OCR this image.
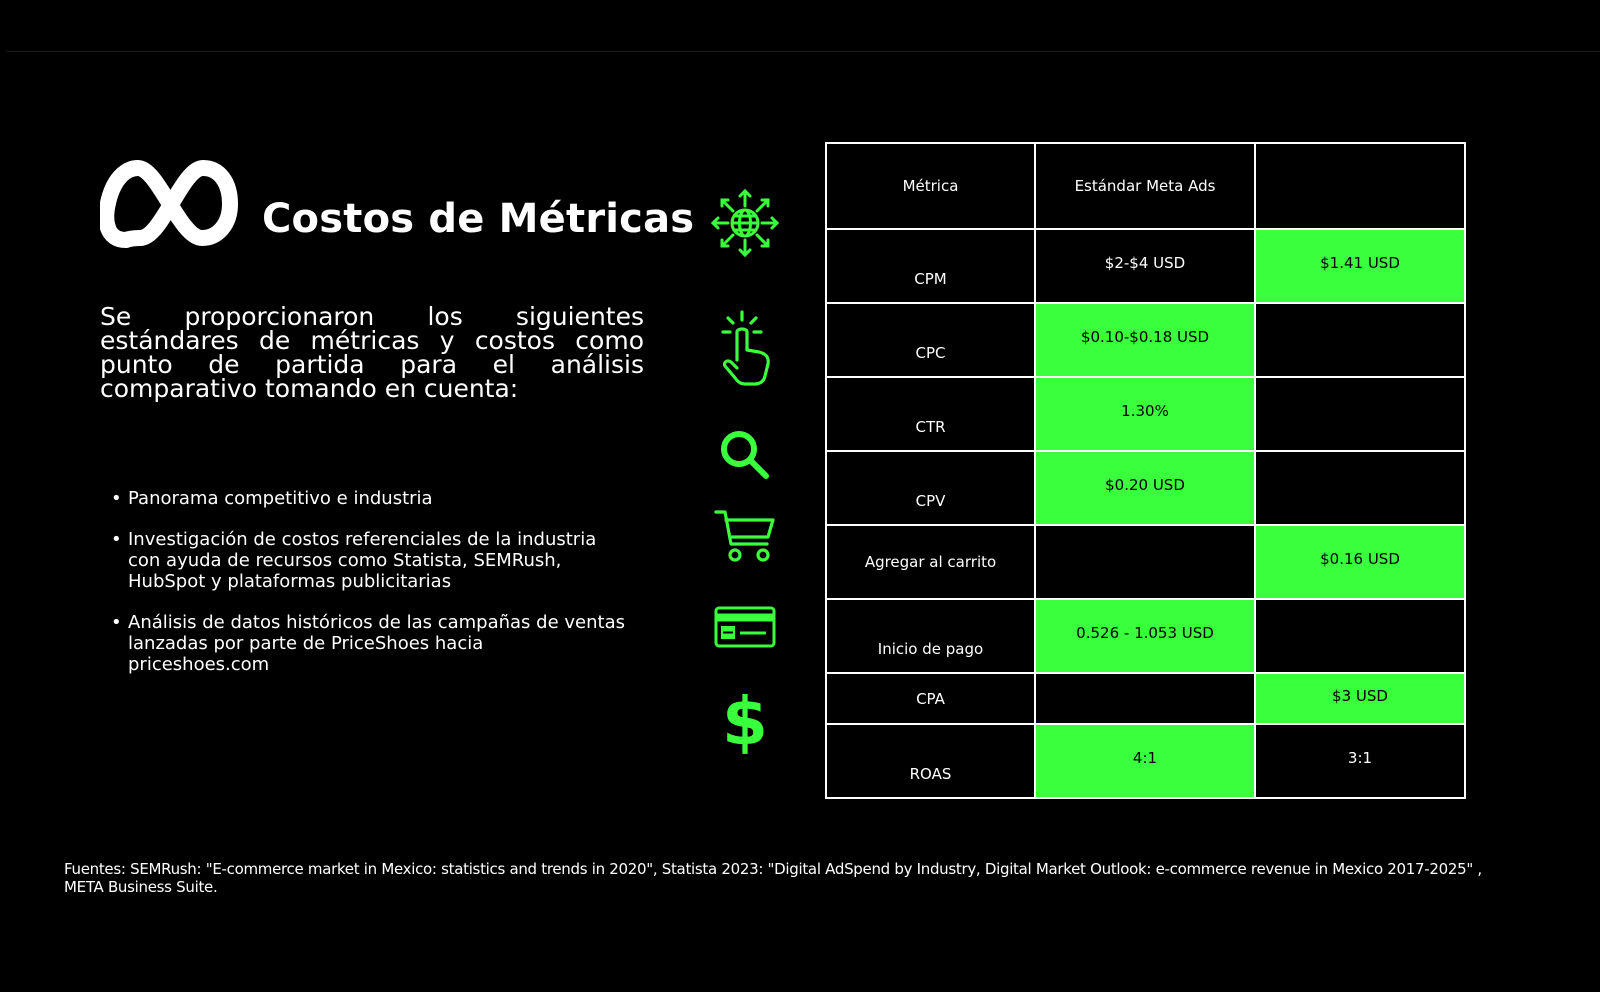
Costos de Métricas
Se proporcionaron los siguientes estándares de métricas y costos como punto de partida para el análisis comparativo tomando en cuenta:
• Panorama competitivo e industria
• Investigación de costos referenciales de la industria con ayuda de recursos como Statista, SEMRush, HubSpot y plataformas publicitarias
• Análisis de datos históricos de las campañas de ventas lanzadas por parte de PriceShoes hacia priceshoes.com
$
Métrica	Estándar Meta Ads	
CPM	$2-$4 USD	$1.41 USD
CPC	$0.10-$0.18 USD	
CTR	1.30%	
CPV	$0.20 USD	
Agregar al carrito		$0.16 USD
Inicio de pago	0.526 - 1.053 USD	
CPA		$3 USD
ROAS	4:1	3:1
Fuentes: SEMRush: "E-commerce market in Mexico: statistics and trends in 2020", Statista 2023: "Digital AdSpend by Industry, Digital Market Outlook: e-commerce revenue in Mexico 2017-2025" , META Business Suite.
